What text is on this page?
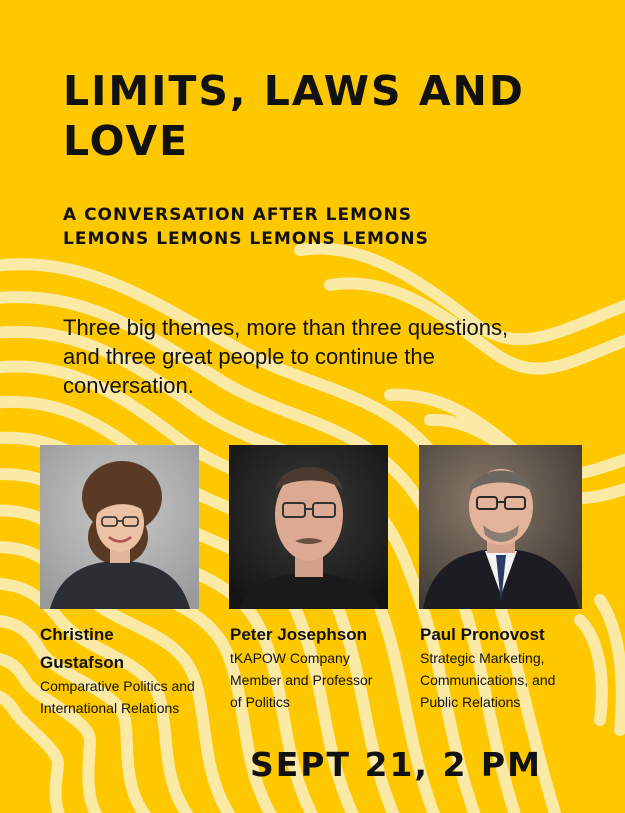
LIMITS, LAWS AND LOVE
A CONVERSATION AFTER LEMONS LEMONS LEMONS LEMONS LEMONS

Three big themes, more than three questions, and three great people to continue the conversation.

Christine Gustafson

Comparative Politics and International Relations

Peter Josephson

tKAPOW Company Member and Professor of Politics

Paul Pronovost

Strategic Marketing, Communications, and Public Relations

SEPT 21, 2 PM
